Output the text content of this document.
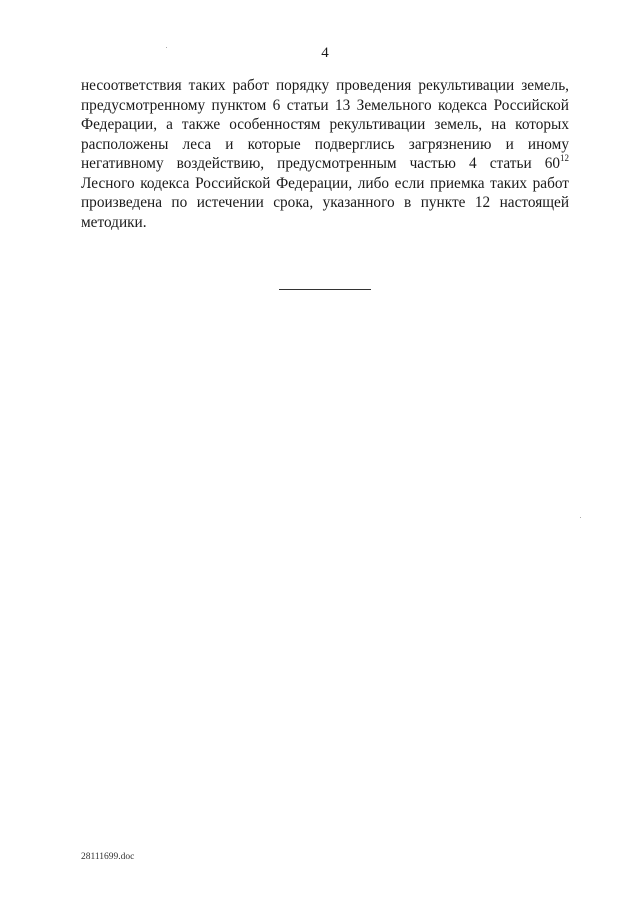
4

несоответствия таких работ порядку проведения рекультивации земель, предусмотренному пунктом 6 статьи 13 Земельного кодекса Российской Федерации, а также особенностям рекультивации земель, на которых расположены леса и которые подверглись загрязнению и иному негативному воздействию, предусмотренным частью 4 статьи $60^{12}$ Лесного кодекса Российской Федерации, либо если приемка таких работ произведена по истечении срока, указанного в пункте 12 настоящей методики.

28111699.doc
